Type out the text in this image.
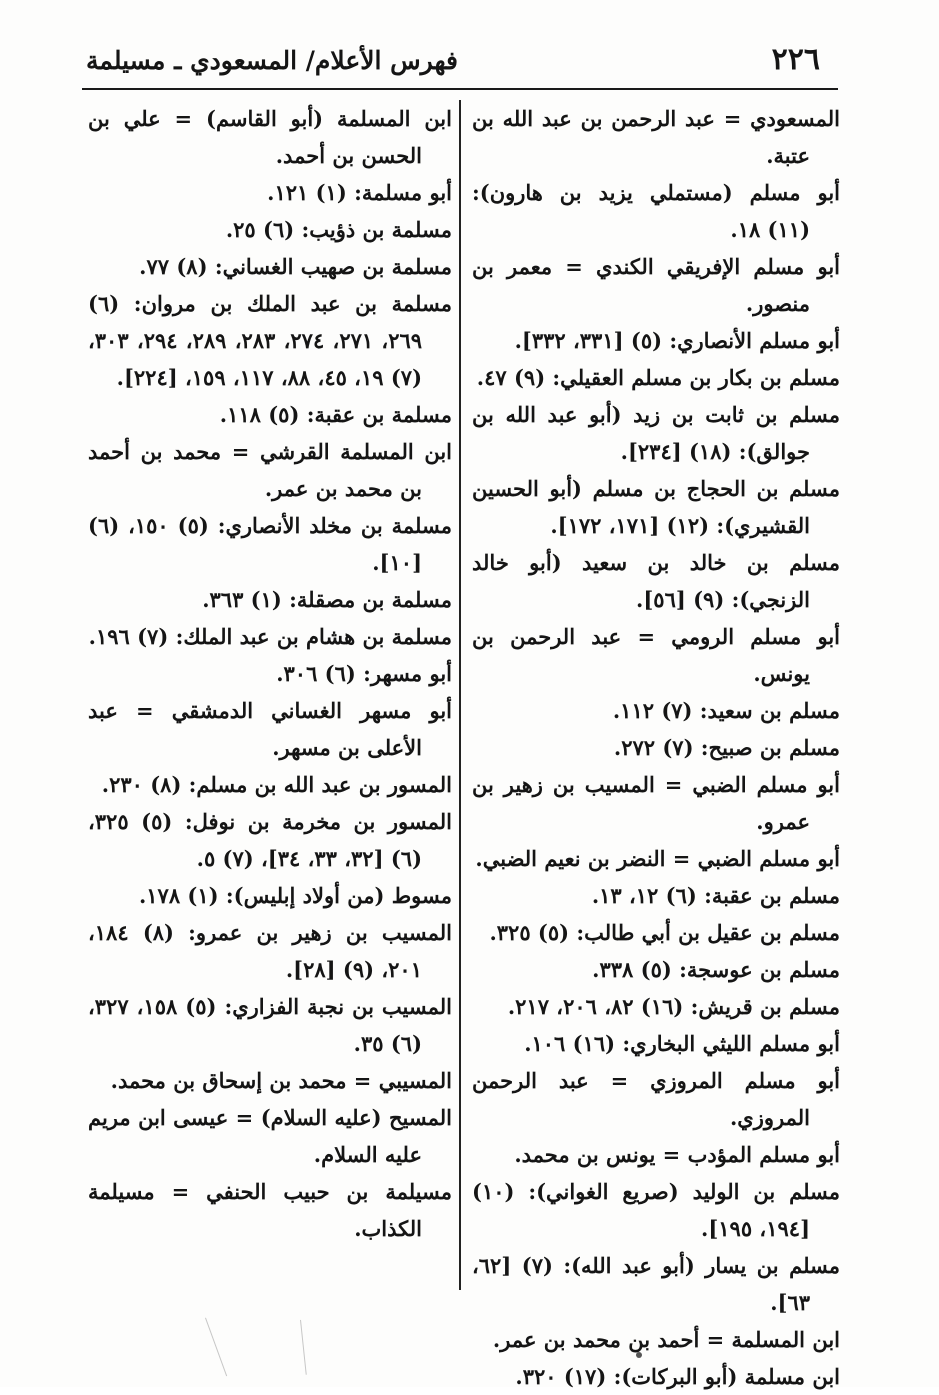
٢٢٦
فهرس الأعلام/ المسعودي ـ مسيلمة

المسعودي = عبد الرحمن بن عبد الله بن عتبة.

أبو مسلم (مستملي يزيد بن هارون): (١١) ١٨.

أبو مسلم الإفريقي الكندي = معمر بن منصور.

أبو مسلم الأنصاري: (٥) [٣٣١، ٣٣٢].

مسلم بن بكار بن مسلم العقيلي: (٩) ٤٧.

مسلم بن ثابت بن زيد (أبو عبد الله بن جوالق): (١٨) [٢٣٤].

مسلم بن الحجاج بن مسلم (أبو الحسين القشيري): (١٢) [١٧١، ١٧٢].

مسلم بن خالد بن سعيد (أبو خالد الزنجي): (٩) [٥٦].

أبو مسلم الرومي = عبد الرحمن بن يونس.

مسلم بن سعيد: (٧) ١١٢.

مسلم بن صبيح: (٧) ٢٧٢.

أبو مسلم الضبي = المسيب بن زهير بن عمرو.

أبو مسلم الضبي = النضر بن نعيم الضبي.

مسلم بن عقبة: (٦) ١٢، ١٣.

مسلم بن عقيل بن أبي طالب: (٥) ٣٢٥.

مسلم بن عوسجة: (٥) ٣٣٨.

مسلم بن قريش: (١٦) ٨٢، ٢٠٦، ٢١٧.

أبو مسلم الليثي البخاري: (١٦) ١٠٦.

أبو مسلم المروزي = عبد الرحمن المروزي.

أبو مسلم المؤدب = يونس بن محمد.

مسلم بن الوليد (صريع الغواني): (١٠) [١٩٤، ١٩٥].

مسلم بن يسار (أبو عبد الله): (٧) [٦٢، ٦٣].

ابن المسلمة = أحمد بن محمد بن عمر.

ابن مسلمة (أبو البركات): (١٧) ٣٢٠.

ابن المسلمة (أبو القاسم) = علي بن الحسن بن أحمد.

أبو مسلمة: (١) ١٢١.

مسلمة بن ذؤيب: (٦) ٢٥.

مسلمة بن صهيب الغساني: (٨) ٧٧.

مسلمة بن عبد الملك بن مروان: (٦) ٢٦٩، ٢٧١، ٢٧٤، ٢٨٣، ٢٨٩، ٢٩٤، ٣٠٣، (٧) ١٩، ٤٥، ٨٨، ١١٧، ١٥٩، [٢٢٤].

مسلمة بن عقبة: (٥) ١١٨.

ابن المسلمة القرشي = محمد بن أحمد بن محمد بن عمر.

مسلمة بن مخلد الأنصاري: (٥) ١٥٠، (٦) [١٠].

مسلمة بن مصقلة: (١) ٣٦٣.

مسلمة بن هشام بن عبد الملك: (٧) ١٩٦.

أبو مسهر: (٦) ٣٠٦.

أبو مسهر الغساني الدمشقي = عبد الأعلى بن مسهر.

المسور بن عبد الله بن مسلم: (٨) ٢٣٠.

المسور بن مخرمة بن نوفل: (٥) ٣٢٥، (٦) [٣٢، ٣٣، ٣٤]، (٧) ٥.

مسوط (من أولاد إبليس): (١) ١٧٨.

المسيب بن زهير بن عمرو: (٨) ١٨٤، ٢٠١، (٩) [٢٨].

المسيب بن نجبة الفزاري: (٥) ١٥٨، ٣٢٧، (٦) ٣٥.

المسيبي = محمد بن إسحاق بن محمد.

المسيح (عليه السلام) = عيسى ابن مريم عليه السلام.

مسيلمة بن حبيب الحنفي = مسيلمة الكذاب.
